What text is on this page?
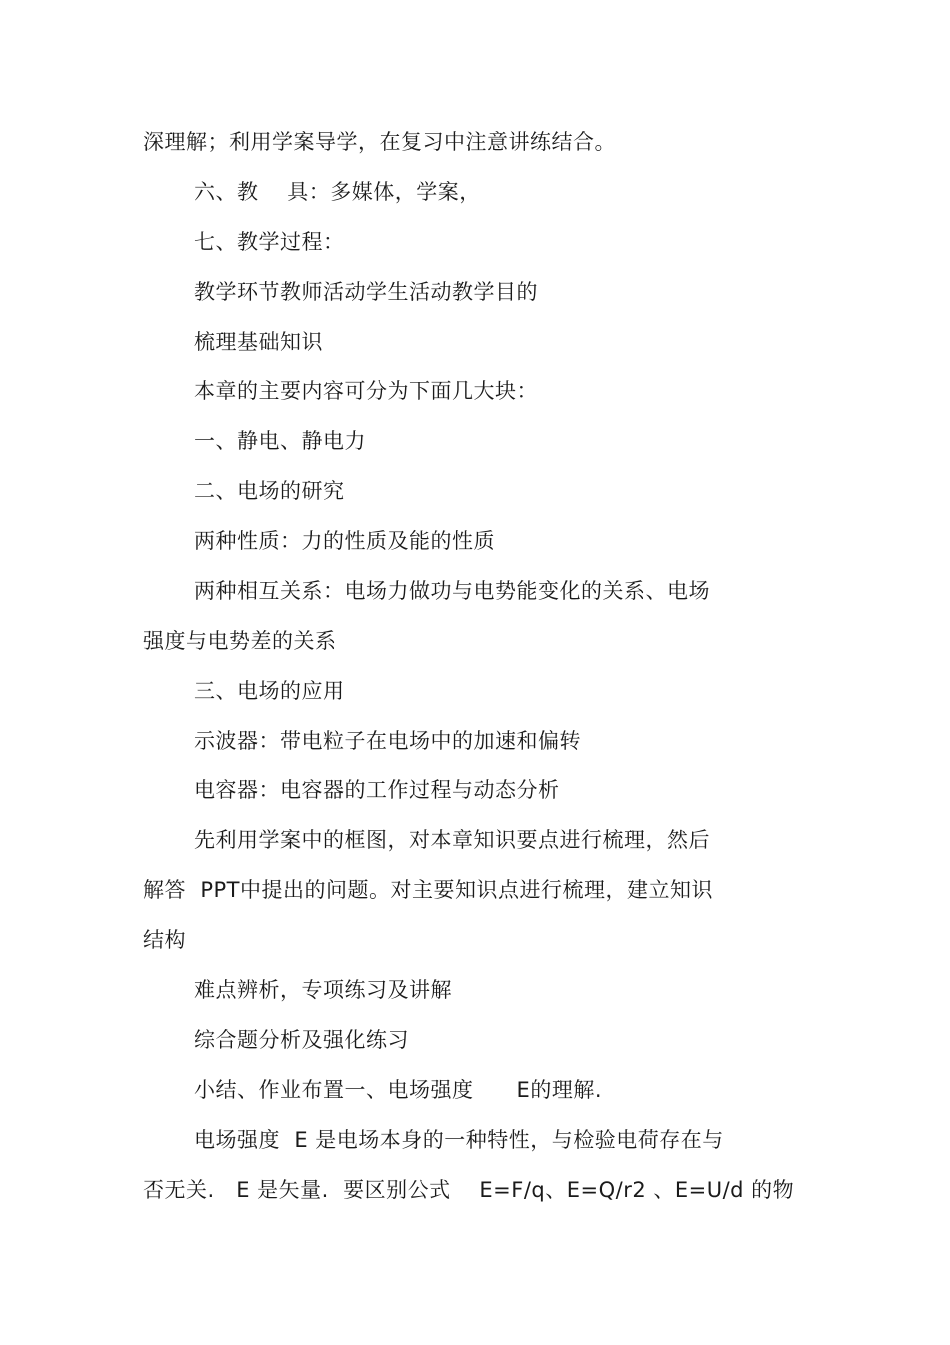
深理解；利用学案导学，在复习中注意讲练结合。
六、教    具：多媒体，学案，
七、教学过程：
教学环节教师活动学生活动教学目的
梳理基础知识
本章的主要内容可分为下面几大块：
一、静电、静电力
二、电场的研究
两种性质：力的性质及能的性质
两种相互关系：电场力做功与电势能变化的关系、电场
强度与电势差的关系
三、电场的应用
示波器：带电粒子在电场中的加速和偏转
电容器：电容器的工作过程与动态分析
先利用学案中的框图，对本章知识要点进行梳理，然后
解答  PPT中提出的问题。对主要知识点进行梳理，建立知识
结构
难点辨析，专项练习及讲解
综合题分析及强化练习
小结、作业布置一、电场强度      E的理解.
电场强度  E 是电场本身的一种特性，与检验电荷存在与
否无关.   E 是矢量.  要区别公式    E=F/q、E=Q/r2 、E=U/d 的物
